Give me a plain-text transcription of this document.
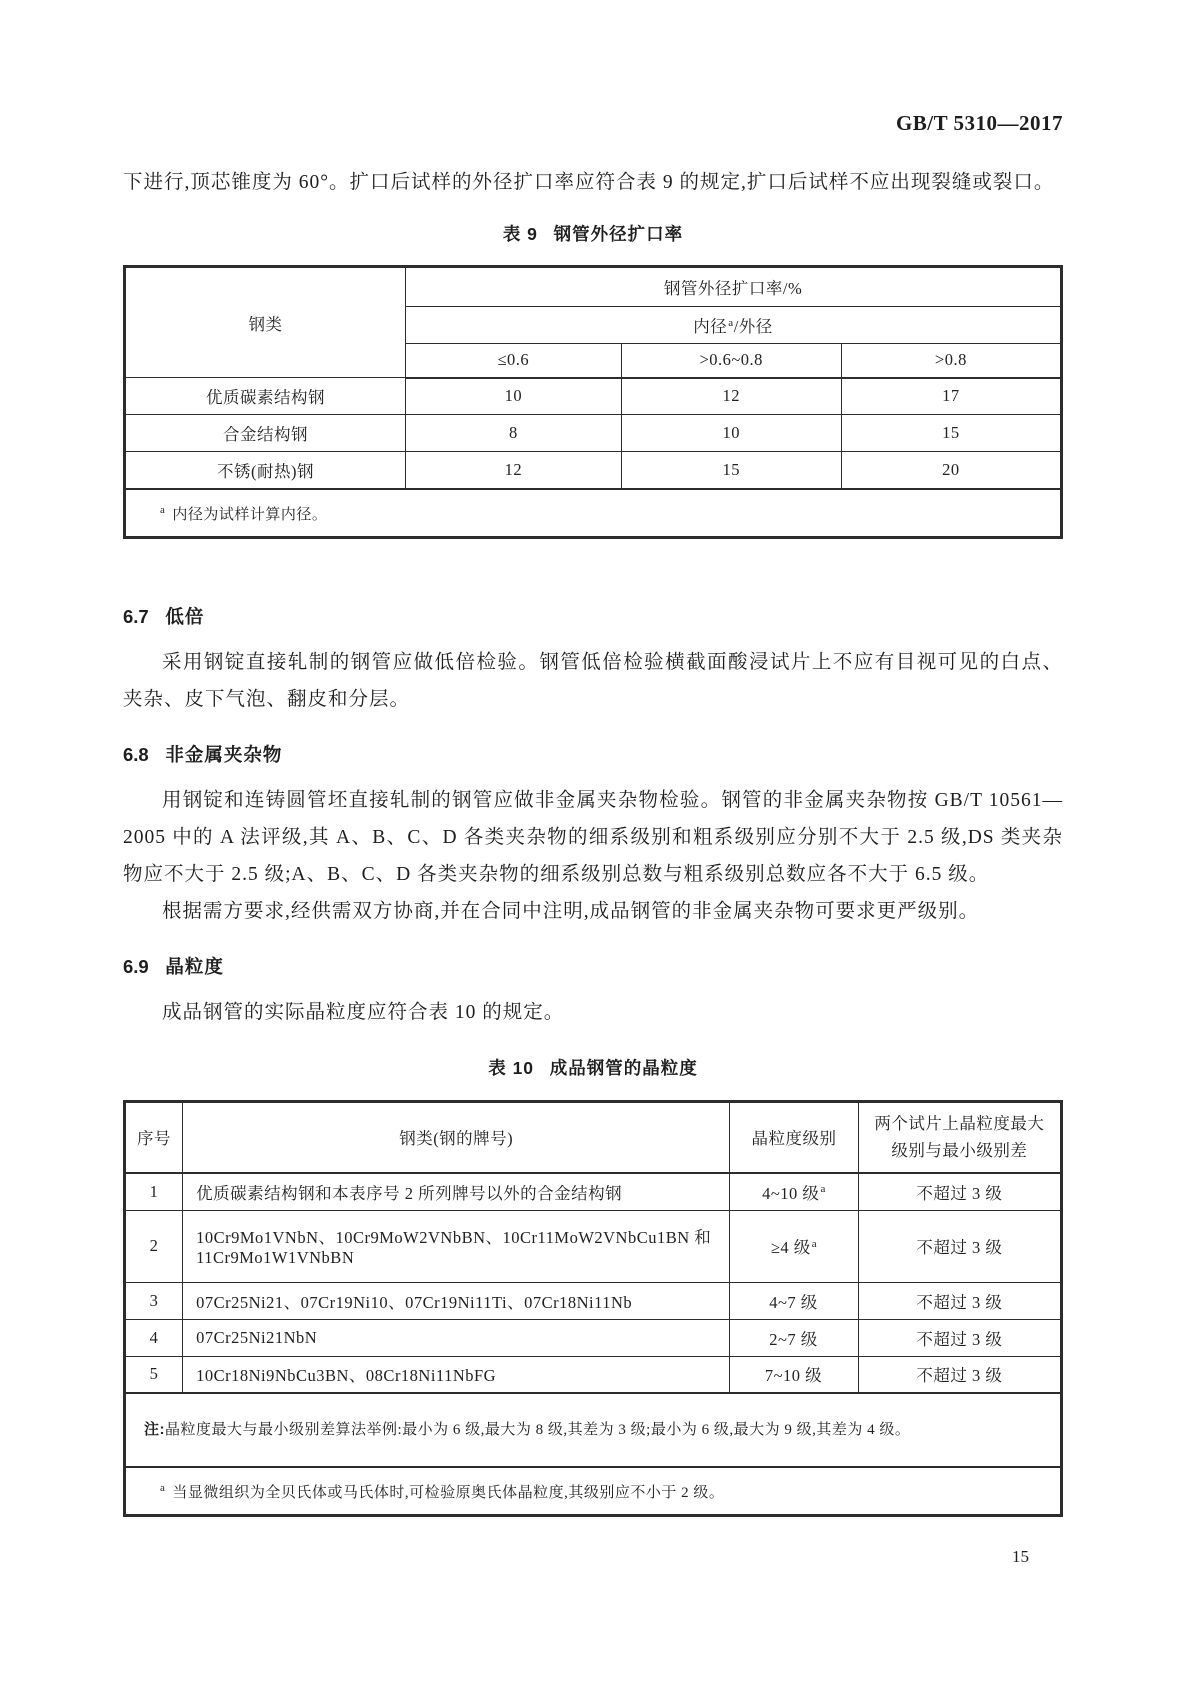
GB/T 5310—2017

下进行,顶芯锥度为 60°。扩口后试样的外径扩口率应符合表 9 的规定,扩口后试样不应出现裂缝或裂口。

表 9 钢管外径扩口率
钢类	钢管外径扩口率/%		
	内径$^a$/外径		
	≤0.6	>0.6~0.8	>0.8
优质碳素结构钢	10	12	17
合金结构钢	8	10	15
不锈(耐热)钢	12	15	20
$^a$ 内径为试样计算内径。			
6.7 低倍

采用钢锭直接轧制的钢管应做低倍检验。钢管低倍检验横截面酸浸试片上不应有目视可见的白点、夹杂、皮下气泡、翻皮和分层。

6.8 非金属夹杂物

用钢锭和连铸圆管坯直接轧制的钢管应做非金属夹杂物检验。钢管的非金属夹杂物按 GB/T 10561—2005 中的 A 法评级,其 A、B、C、D 各类夹杂物的细系级别和粗系级别应分别不大于 2.5 级,DS 类夹杂物应不大于 2.5 级;A、B、C、D 各类夹杂物的细系级别总数与粗系级别总数应各不大于 6.5 级。

根据需方要求,经供需双方协商,并在合同中注明,成品钢管的非金属夹杂物可要求更严级别。

6.9 晶粒度

成品钢管的实际晶粒度应符合表 10 的规定。

表 10 成品钢管的晶粒度
序号	钢类(钢的牌号)	晶粒度级别	两个试片上晶粒度最大
级别与最小级别差

1	优质碳素结构钢和本表序号 2 所列牌号以外的合金结构钢	4~10 级$^a$	不超过 3 级
2	10Cr9Mo1VNbN、10Cr9MoW2VNbBN、10Cr11MoW2VNbCu1BN 和 11Cr9Mo1W1VNbBN	≥4 级$^a$	不超过 3 级
3	07Cr25Ni21、07Cr19Ni10、07Cr19Ni11Ti、07Cr18Ni11Nb	4~7 级	不超过 3 级
4	07Cr25Ni21NbN	2~7 级	不超过 3 级
5	10Cr18Ni9NbCu3BN、08Cr18Ni11NbFG	7~10 级	不超过 3 级

注:晶粒度最大与最小级别差算法举例:最小为 6 级,最大为 8 级,其差为 3 级;最小为 6 级,最大为 9 级,其差为 4 级。			

$^a$ 当显微组织为全贝氏体或马氏体时,可检验原奥氏体晶粒度,其级别应不小于 2 级。			
15
